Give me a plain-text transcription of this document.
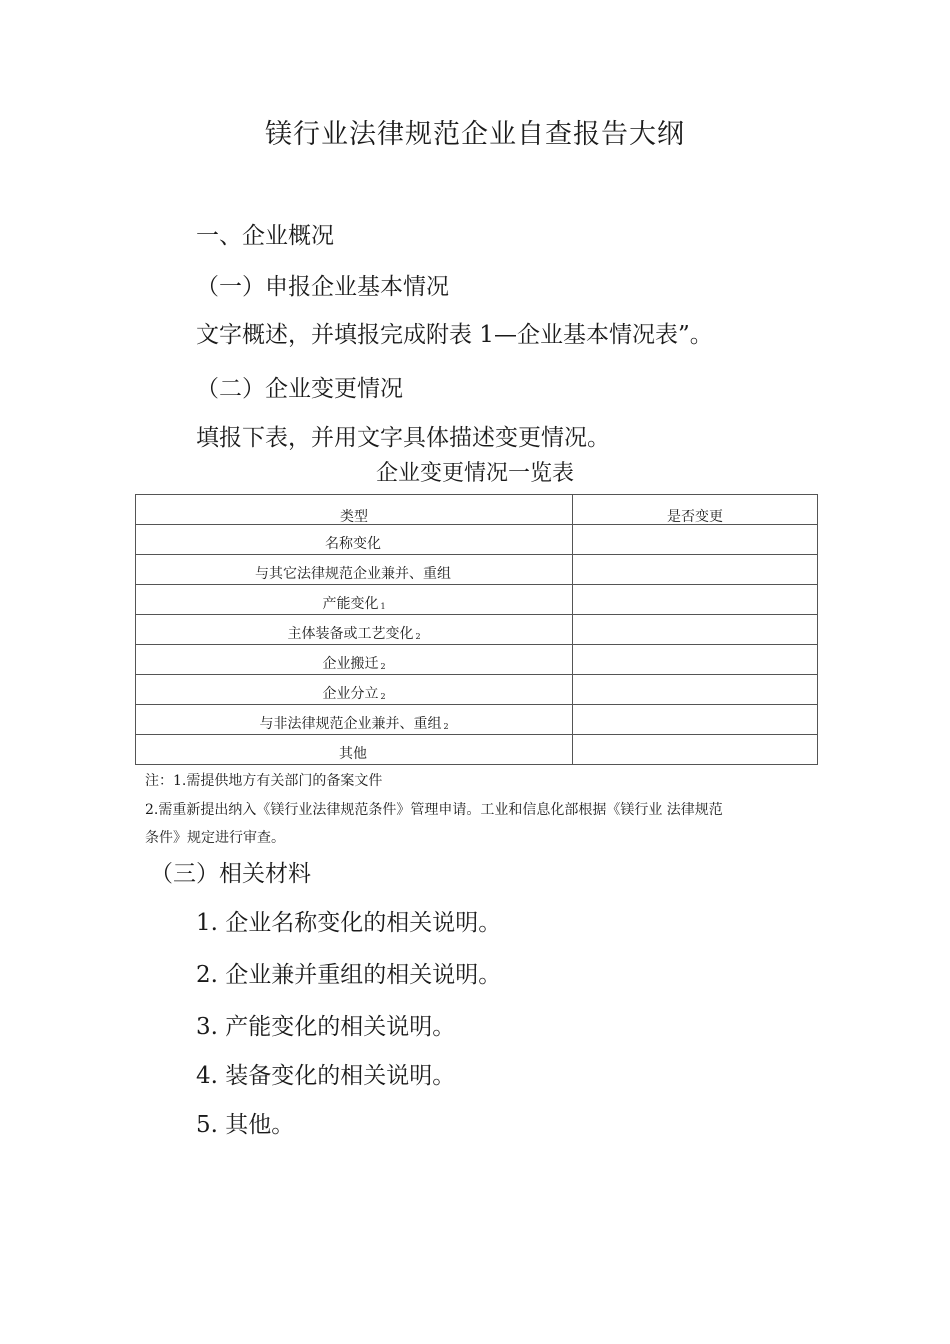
镁行业法律规范企业自查报告大纲
一、企业概况
（一）申报企业基本情况
文字概述，并填报完成附表 1—企业基本情况表”。
（二）企业变更情况
填报下表，并用文字具体描述变更情况。
企业变更情况一览表
类型	是否变更
名称变化	
与其它法律规范企业兼并、重组	
产能变化 $_1$	
主体装备或工艺变化 $_2$	
企业搬迁 $_2$	
企业分立 $_2$	
与非法律规范企业兼并、重组 $_2$	
其他	
注：1.需提供地方有关部门的备案文件
2.需重新提出纳入《镁行业法律规范条件》管理申请。工业和信息化部根据《镁行业 法律规范
条件》规定进行审查。
（三）相关材料
1. 企业名称变化的相关说明。
2. 企业兼并重组的相关说明。
3. 产能变化的相关说明。
4. 装备变化的相关说明。
5. 其他。
